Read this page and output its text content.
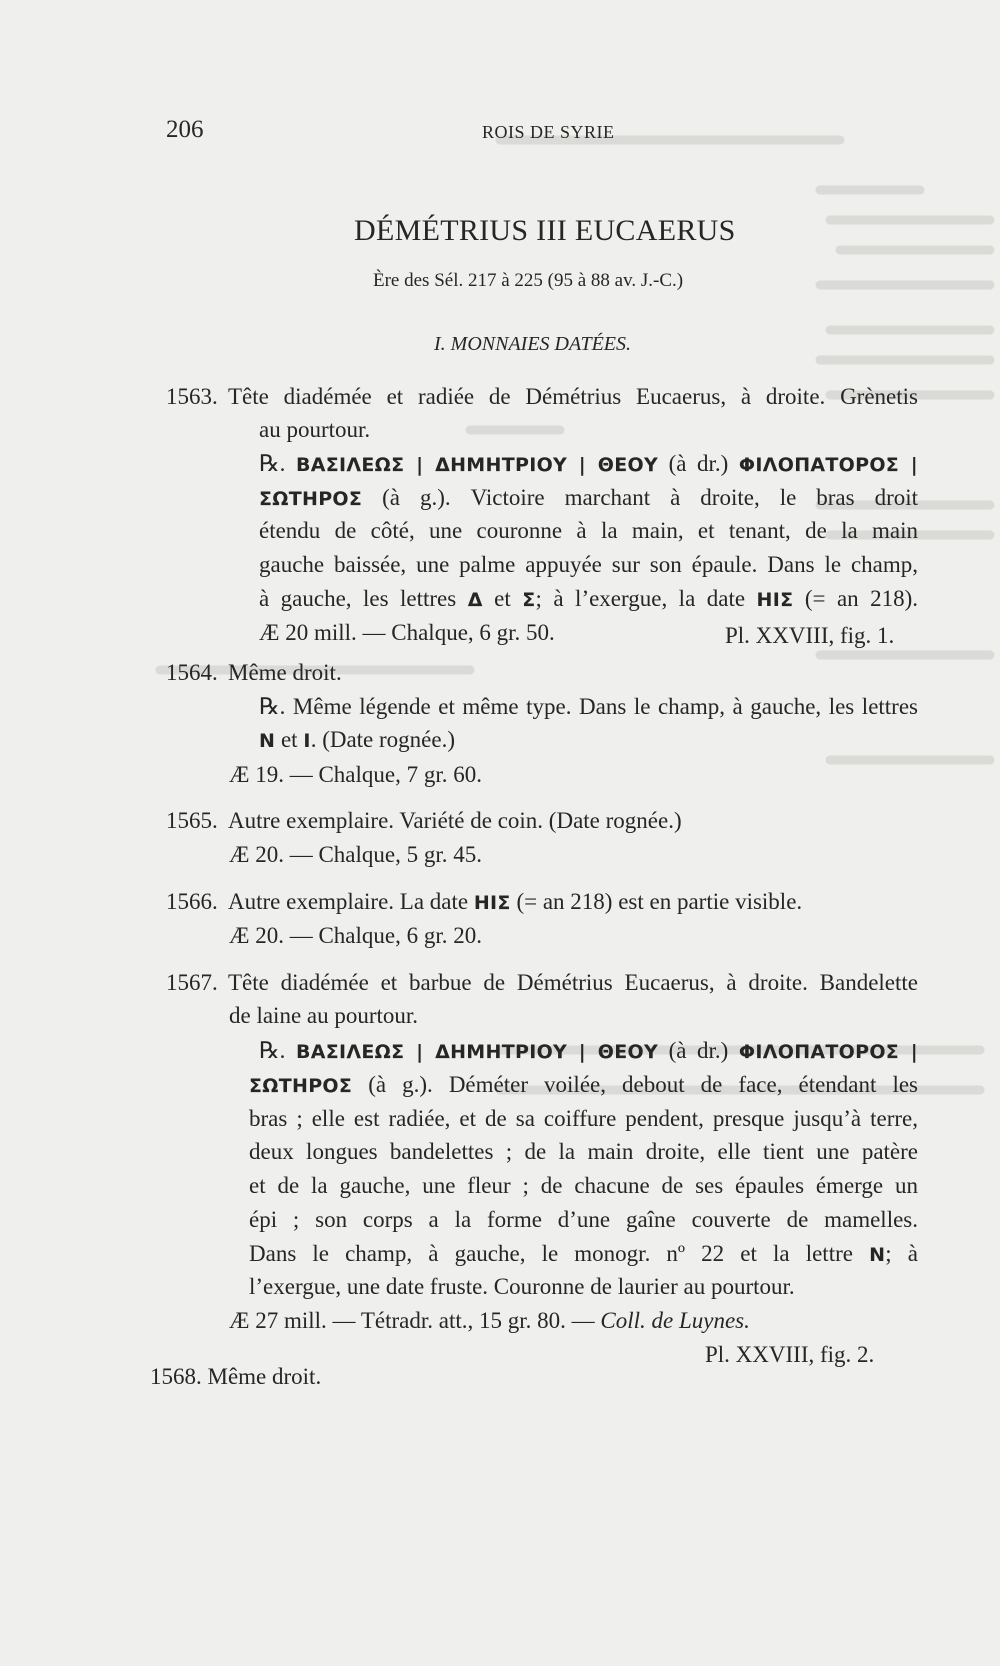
206	ROIS DE SYRIE
DÉMÉTRIUS III EUCAERUS
Ère des Sél. 217 à 225 (95 à 88 av. J.-C.)
I. MONNAIES DATÉES.
1563. Tête diadémée et radiée de Démétrius Eucaerus, à droite. Grènetis
au pourtour.
℞. ΒΑΣΙΛΕΩΣ | ΔΗΜΗΤΡΙΟΥ | ΘΕΟΥ (à dr.) ΦΙΛΟΠΑΤΟΡΟΣ |
ΣΩΤΗΡΟΣ (à g.). Victoire marchant à droite, le bras droit
étendu de côté, une couronne à la main, et tenant, de la main
gauche baissée, une palme appuyée sur son épaule. Dans le champ,
à gauche, les lettres Δ et Σ; à l’exergue, la date HIΣ (= an 218).
Æ 20 mill. — Chalque, 6 gr. 50.	Pl. XXVIII, fig. 1.
1564. Même droit.
℞. Même légende et même type. Dans le champ, à gauche, les lettres
N et I. (Date rognée.)
Æ 19. — Chalque, 7 gr. 60.
1565. Autre exemplaire. Variété de coin. (Date rognée.)
Æ 20. — Chalque, 5 gr. 45.
1566. Autre exemplaire. La date HIΣ (= an 218) est en partie visible.
Æ 20. — Chalque, 6 gr. 20.
1567. Tête diadémée et barbue de Démétrius Eucaerus, à droite. Bandelette
de laine au pourtour.
℞. ΒΑΣΙΛΕΩΣ | ΔΗΜΗΤΡΙΟΥ | ΘΕΟΥ (à dr.) ΦΙΛΟΠΑΤΟΡΟΣ |
ΣΩΤΗΡΟΣ (à g.). Déméter voilée, debout de face, étendant les
bras ; elle est radiée, et de sa coiffure pendent, presque jusqu’à terre,
deux longues bandelettes ; de la main droite, elle tient une patère
et de la gauche, une fleur ; de chacune de ses épaules émerge un
épi ; son corps a la forme d’une gaîne couverte de mamelles.
Dans le champ, à gauche, le monogr. nº 22 et la lettre N; à
l’exergue, une date fruste. Couronne de laurier au pourtour.
Æ 27 mill. — Tétradr. att., 15 gr. 80. — Coll. de Luynes.
Pl. XXVIII, fig. 2.
1568. Même droit.
